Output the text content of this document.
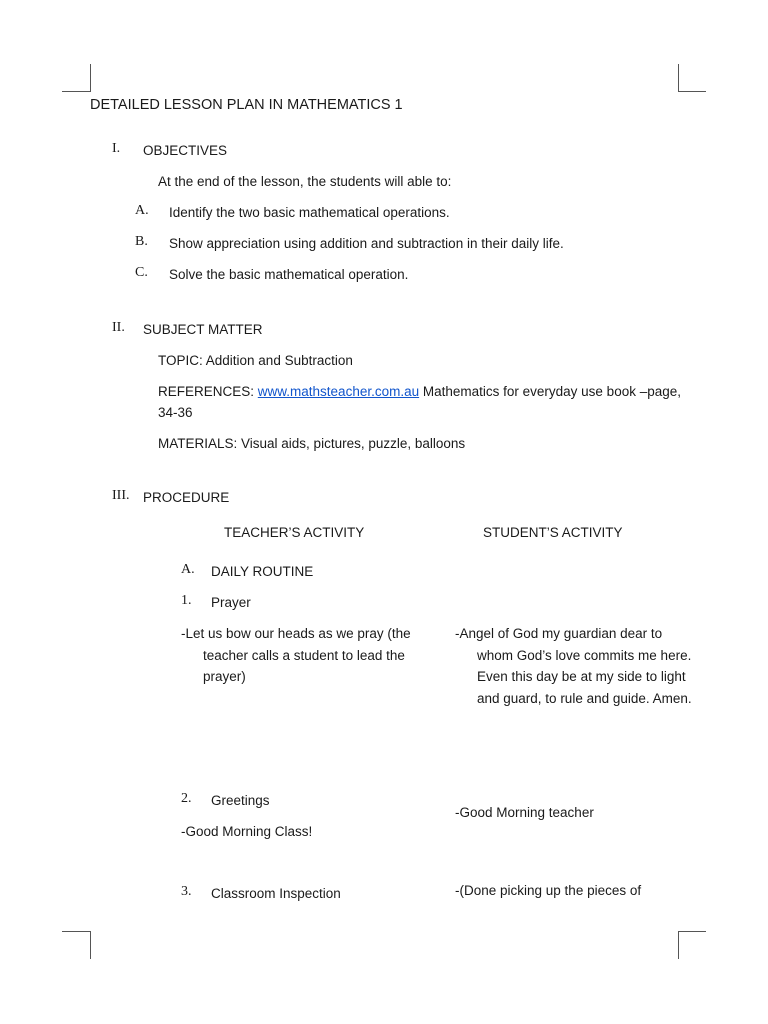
DETAILED LESSON PLAN IN MATHEMATICS 1
I. OBJECTIVES
At the end of the lesson, the students will able to:
A. Identify the two basic mathematical operations.
B. Show appreciation using addition and subtraction in their daily life.
C. Solve the basic mathematical operation.
II. SUBJECT MATTER
TOPIC: Addition and Subtraction
REFERENCES: www.mathsteacher.com.au Mathematics for everyday use book –page,
34-36
MATERIALS: Visual aids, pictures, puzzle, balloons
III. PROCEDURE
TEACHER’S ACTIVITY	STUDENT’S ACTIVITY
A. DAILY ROUTINE
1. Prayer
-Let us bow our heads as we pray (the teacher calls a student to lead the prayer)
-Angel of God my guardian dear to whom God’s love commits me here. Even this day be at my side to light and guard, to rule and guide. Amen.
2. Greetings
-Good Morning teacher
-Good Morning Class!
3. Classroom Inspection	-(Done picking up the pieces of
